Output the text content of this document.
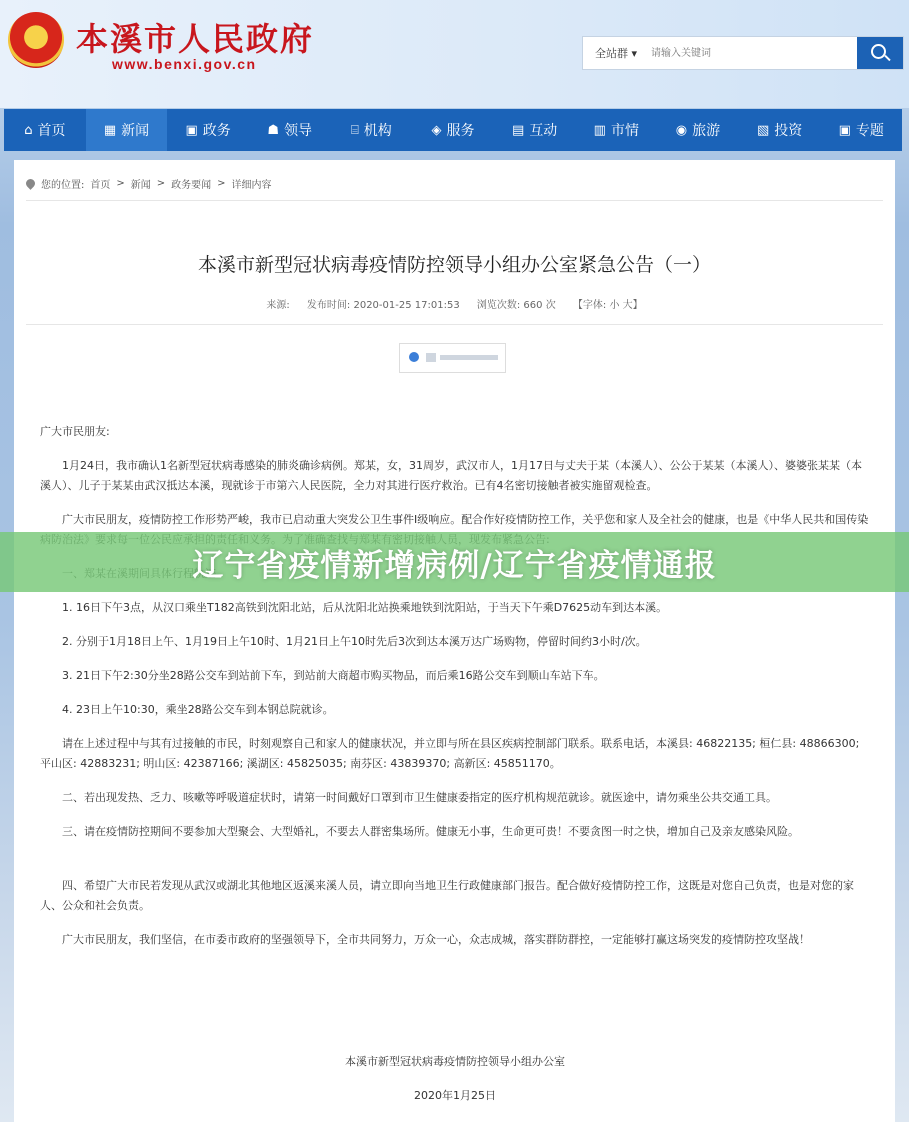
★ 本溪市人民政府
www.benxi.gov.cn
全站群 ▾
请输入关键词
⌂ 首页	▦ 新闻	▣ 政务	☗ 领导	⌸ 机构	◈ 服务	▤ 互动	▥ 市情	◉ 旅游	▧ 投资	▣ 专题
您的位置: 首页 > 新闻 > 政务要闻 > 详细内容
本溪市新型冠状病毒疫情防控领导小组办公室紧急公告（一）
来源: 发布时间: 2020-01-25 17:01:53 浏览次数: 660 次 【字体: 小 大】

广大市民朋友:

1月24日，我市确认1名新型冠状病毒感染的肺炎确诊病例。郑某，女，31周岁，武汉市人，1月17日与丈夫于某（本溪人）、公公于某某（本溪人）、婆婆张某某（本溪人）、儿子于某某由武汉抵达本溪，现就诊于市第六人民医院，全力对其进行医疗救治。已有4名密切接触者被实施留观检查。

广大市民朋友，疫情防控工作形势严峻，我市已启动重大突发公卫生事件I级响应。配合作好疫情防控工作，关乎您和家人及全社会的健康，也是《中华人民共和国传染

1. 16日下午3点，从汉口乘坐T182高铁到沈阳北站，后从沈阳北站换乘地铁到沈阳站，于当天下午乘D7625动车到达本溪。

2. 分别于1月18日上午、1月19日上午10时、1月21日上午10时先后3次到达本溪万达广场购物，停留时间约3小时/次。

3. 21日下午2:30分坐28路公交车到站前下车，到站前大商超市购买物品，而后乘16路公交车到顺山车站下车。

4. 23日上午10:30，乘坐28路公交车到本钢总院就诊。

请在上述过程中与其有过接触的市民，时刻观察自己和家人的健康状况，并立即与所在县区疾病控制部门联系。联系电话，本溪县: 46822135; 桓仁县: 48866300; 平山区: 42883231; 明山区: 42387166; 溪湖区: 45825035; 南芬区: 43839370; 高新区: 45851170。

二、若出现发热、乏力、咳嗽等呼吸道症状时，请第一时间戴好口罩到市卫生健康委指定的医疗机构规范就诊。就医途中，请勿乘坐公共交通工具。

三、请在疫情防控期间不要参加大型聚会、大型婚礼，不要去人群密集场所。健康无小事，生命更可贵！不要贪图一时之快，增加自己及亲友感染风险。

四、希望广大市民若发现从武汉或湖北其他地区返溪来溪人员，请立即向当地卫生行政健康部门报告。配合做好疫情防控工作，这既是对您自己负责，也是对您的家人、公众和社会负责。

广大市民朋友，我们坚信，在市委市政府的坚强领导下，全市共同努力，万众一心，众志成城，落实群防群控，一定能够打赢这场突发的疫情防控攻坚战！

本溪市新型冠状病毒疫情防控领导小组办公室

2020年1月25日

辽宁省疫情新增病例/辽宁省疫情通报
